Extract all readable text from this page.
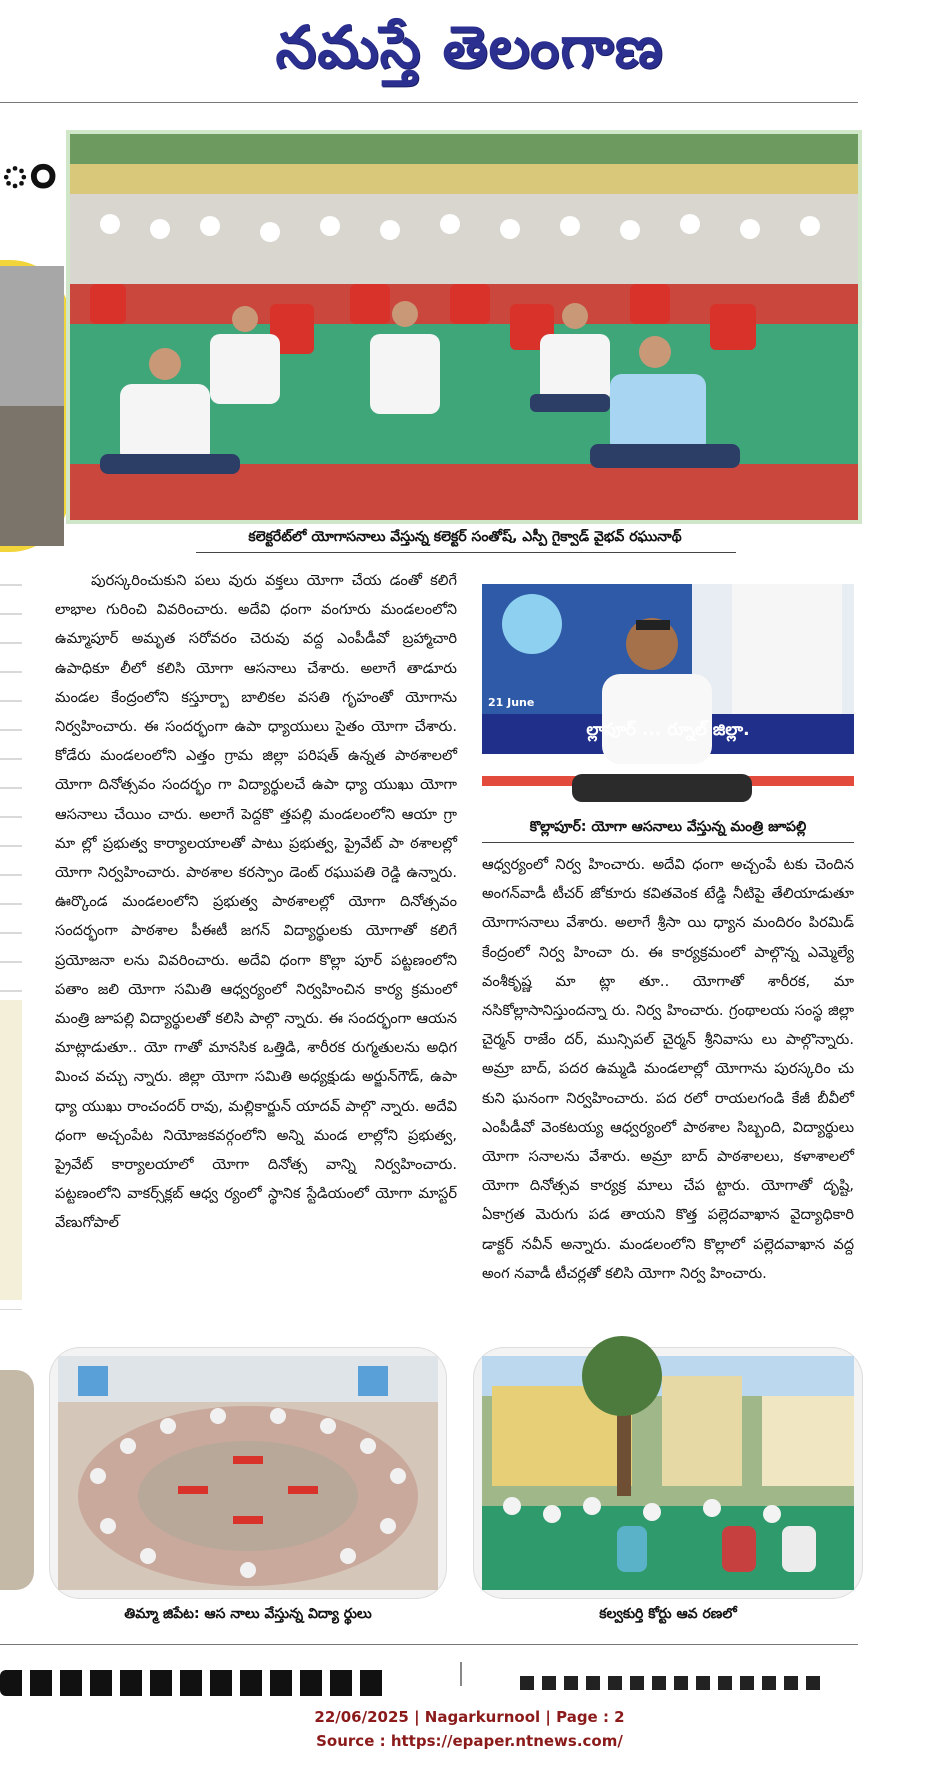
నమస్తే తెలంగాణ
ం
కలెక్టరేట్‌లో యోగాసనాలు వేస్తున్న కలెక్టర్ సంతోష్, ఎస్పీ గైక్వాడ్ వైభవ్ రఘునాథ్
పురస్కరించుకుని పలు వురు వక్తలు యోగా చేయ డంతో కలిగే లాభాల గురించి వివరించారు. అదేవి ధంగా వంగూరు మండలంలోని ఉమ్మాపూర్ అమృత సరోవరం చెరువు వద్ద ఎంపీడీవో బ్రహ్మాచారి ఉపాధికూ లీలో కలిసి యోగా ఆసనాలు చేశారు. అలాగే తాడూరు మండల కేంద్రంలోని కస్తూర్బా బాలికల వసతి గృహంతో యోగాను నిర్వహించారు. ఈ సందర్భంగా ఉపా ధ్యాయులు సైతం యోగా చేశారు. కోడేరు మండలంలోని ఎత్తం గ్రామ జిల్లా పరిషత్ ఉన్నత పాఠశాలలో యోగా దినోత్సవం సందర్భం గా విద్యార్థులచే ఉపా ధ్యా యుఖు యోగా ఆసనాలు చేయిం చారు. అలాగే పెద్దకొ త్తపల్లి మండలంలోని ఆయా గ్రా మా ల్లో ప్రభుత్వ కార్యాలయాలతో పాటు ప్రభుత్వ, ప్రైవేట్ పా ఠశాలల్లో యోగా నిర్వహించారు. పాఠశాల కరస్పాం డెంట్ రఘుపతి రెడ్డి ఉన్నారు. ఊర్కొండ మండలంలోని ప్రభుత్వ పాఠశాలల్లో యోగా దినోత్సవం సందర్భంగా పాఠశాల పీఈటీ జగన్ విద్యార్థులకు యోగాతో కలిగే ప్రయోజనా లను వివరించారు. అదేవి ధంగా కొల్లా పూర్ పట్టణంలోని పతాం జలి యోగా సమితి ఆధ్వర్యంలో నిర్వహించిన కార్య క్రమంలో మంత్రి జూపల్లి విద్యార్థులతో కలిసి పాల్గొ న్నారు. ఈ సందర్భంగా ఆయన మాట్లాడుతూ.. యో గాతో మానసిక ఒత్తిడి, శారీరక రుగ్మతులను అధిగ మించ వచ్చు న్నారు. జిల్లా యోగా సమితి అధ్యక్షుడు అర్జున్‌గౌడ్, ఉపా ధ్యా యుఖు రాంచందర్ రావు, మల్లికార్జున్ యాదవ్ పాల్గొ న్నారు. అదేవి ధంగా అచ్చంపేట నియోజకవర్గంలోని అన్ని మండ లాల్లోని ప్రభుత్వ, ప్రైవేట్ కార్యాలయాలో యోగా దినోత్స వాన్ని నిర్వహించారు. పట్టణంలోని వాకర్స్‌క్లబ్ ఆధ్వ ర్యంలో స్థానిక స్టేడియంలో యోగా మాస్టర్ వేణుగోపాల్
21 June
ల్లాపూర్ ... ర్నూల్ జిల్లా.
కొల్లాపూర్: యోగా ఆసనాలు వేస్తున్న మంత్రి జూపల్లి
ఆధ్వర్యంలో నిర్వ హించారు. అదేవి ధంగా అచ్చంపే టకు చెందిన అంగన్‌వాడీ టీచర్ జోకూరు కవితవెంక టేడ్డి నీటిపై తేలియాడుతూ యోగాసనాలు వేశారు. అలాగే శ్రీసా యి ధ్యాన మందిరం పిరమిడ్ కేంద్రంలో నిర్వ హించా రు. ఈ కార్యక్రమంలో పాల్గొన్న ఎమ్మెల్యే వంశీకృష్ణ మా ట్లా తూ.. యోగాతో శారీరక, మా నసికోల్లాసానిస్తుందన్నా రు. నిర్వ హించారు. గ్రంథాలయ సంస్థ జిల్లా చైర్మన్ రాజేం దర్, మున్సిపల్ చైర్మన్ శ్రీనివాసు లు పాల్గొన్నారు. అమ్రా బాద్, పదర ఉమ్మడి మండలాల్లో యోగాను పురస్కరిం చు కుని ఘనంగా నిర్వహించారు. పద రలో రాయలగండి కేజీ బీవీలో ఎంపీడీవో వెంకటయ్య ఆధ్వర్యంలో పాఠశాల సిబ్బంది, విద్యార్థులు యోగా సనాలను వేశారు. అమ్రా బాద్ పాఠశాలలు, కళాశాలలో యోగా దినోత్సవ కార్యక్ర మాలు చేప ట్టారు. యోగాతో దృష్టి, ఏకాగ్రత మెరుగు పడ తాయని కొత్త పల్లెదవాఖాన వైద్యాధికారి డాక్టర్ నవీన్ అన్నారు. మండలంలోని కొల్లాలో పల్లెదవాఖాన వద్ద అంగ నవాడీ టీచర్లతో కలిసి యోగా నిర్వ హించారు.
తిమ్మా జిపేట: ఆస నాలు వేస్తున్న విద్యా ర్థులు	కల్వకుర్తి కోర్టు ఆవ రణలో
22/06/2025 | Nagarkurnool | Page : 2
Source : https://epaper.ntnews.com/
